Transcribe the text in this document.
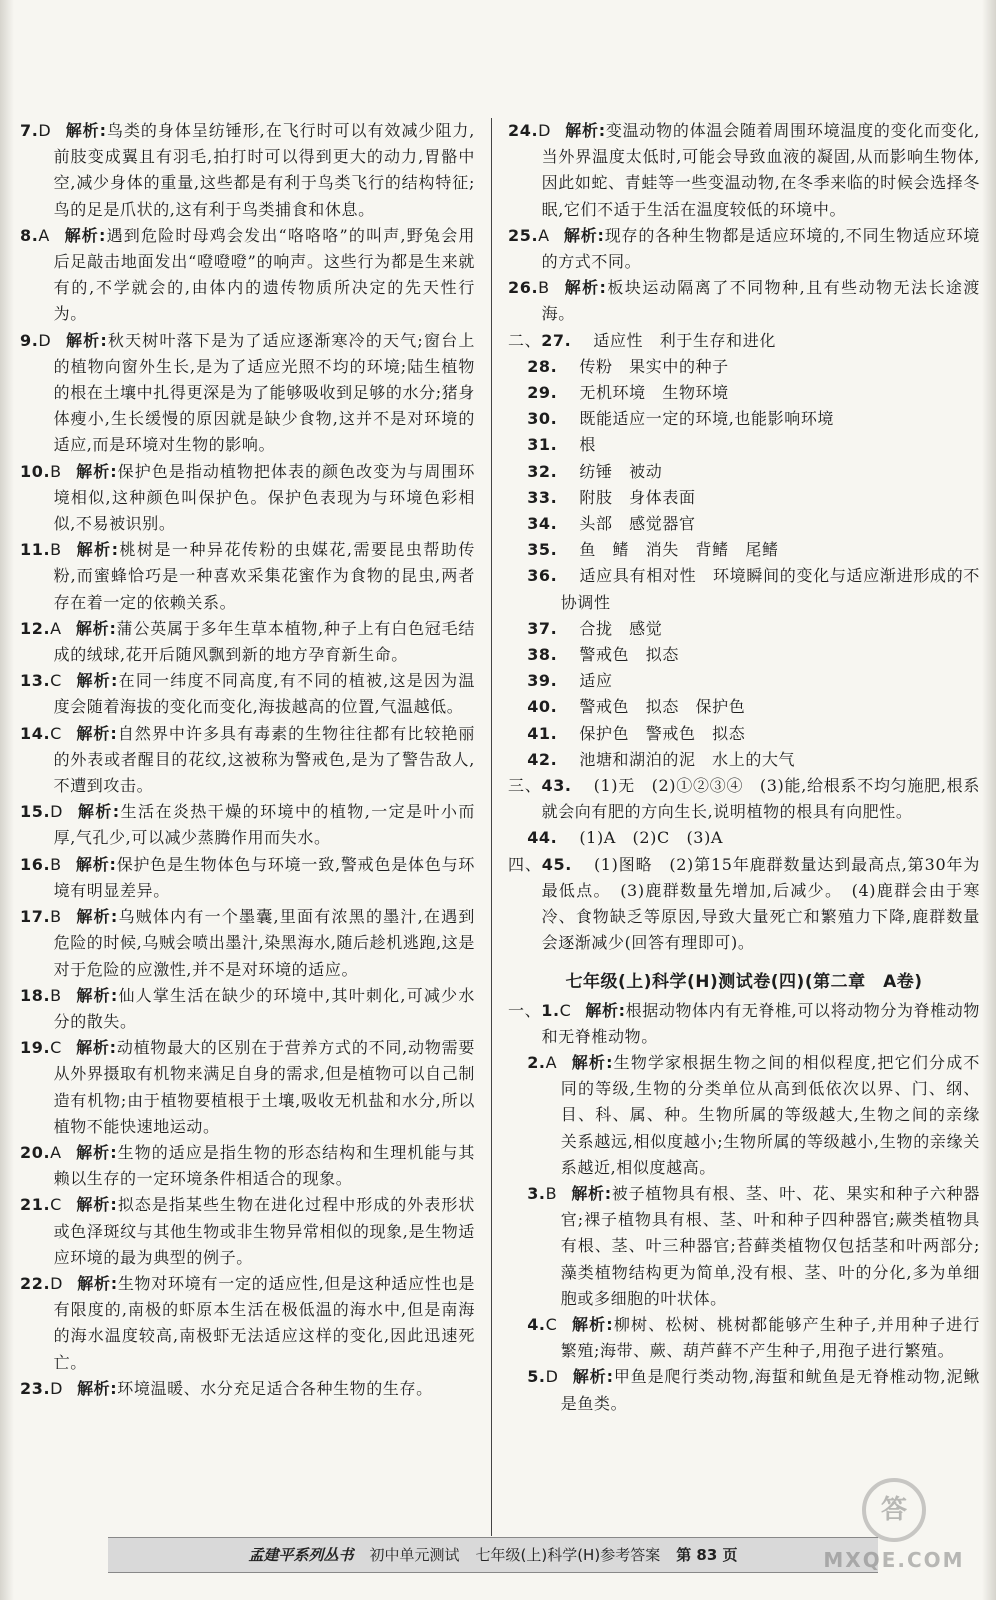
7.D 解析:鸟类的身体呈纺锤形,在飞行时可以有效减少阻力,前肢变成翼且有羽毛,拍打时可以得到更大的动力,胃骼中空,减少身体的重量,这些都是有利于鸟类飞行的结构特征;鸟的足是爪状的,这有利于鸟类捕食和休息。
8.A 解析:遇到危险时母鸡会发出“咯咯咯”的叫声,野兔会用后足敲击地面发出“噔噔噔”的响声。这些行为都是生来就有的,不学就会的,由体内的遗传物质所决定的先天性行为。
9.D 解析:秋天树叶落下是为了适应逐渐寒冷的天气;窗台上的植物向窗外生长,是为了适应光照不均的环境;陆生植物的根在土壤中扎得更深是为了能够吸收到足够的水分;猪身体瘦小,生长缓慢的原因就是缺少食物,这并不是对环境的适应,而是环境对生物的影响。
10.B 解析:保护色是指动植物把体表的颜色改变为与周围环境相似,这种颜色叫保护色。保护色表现为与环境色彩相似,不易被识别。
11.B 解析:桃树是一种异花传粉的虫媒花,需要昆虫帮助传粉,而蜜蜂恰巧是一种喜欢采集花蜜作为食物的昆虫,两者存在着一定的依赖关系。
12.A 解析:蒲公英属于多年生草本植物,种子上有白色冠毛结成的绒球,花开后随风飘到新的地方孕育新生命。
13.C 解析:在同一纬度不同高度,有不同的植被,这是因为温度会随着海拔的变化而变化,海拔越高的位置,气温越低。
14.C 解析:自然界中许多具有毒素的生物往往都有比较艳丽的外表或者醒目的花纹,这被称为警戒色,是为了警告敌人,不遭到攻击。
15.D 解析:生活在炎热干燥的环境中的植物,一定是叶小而厚,气孔少,可以减少蒸腾作用而失水。
16.B 解析:保护色是生物体色与环境一致,警戒色是体色与环境有明显差异。
17.B 解析:乌贼体内有一个墨囊,里面有浓黑的墨汁,在遇到危险的时候,乌贼会喷出墨汁,染黑海水,随后趁机逃跑,这是对于危险的应激性,并不是对环境的适应。
18.B 解析:仙人掌生活在缺少的环境中,其叶刺化,可减少水分的散失。
19.C 解析:动植物最大的区别在于营养方式的不同,动物需要从外界摄取有机物来满足自身的需求,但是植物可以自己制造有机物;由于植物要植根于土壤,吸收无机盐和水分,所以植物不能快速地运动。
20.A 解析:生物的适应是指生物的形态结构和生理机能与其赖以生存的一定环境条件相适合的现象。
21.C 解析:拟态是指某些生物在进化过程中形成的外表形状或色泽斑纹与其他生物或非生物异常相似的现象,是生物适应环境的最为典型的例子。
22.D 解析:生物对环境有一定的适应性,但是这种适应性也是有限度的,南极的虾原本生活在极低温的海水中,但是南海的海水温度较高,南极虾无法适应这样的变化,因此迅速死亡。
23.D 解析:环境温暖、水分充足适合各种生物的生存。
24.D 解析:变温动物的体温会随着周围环境温度的变化而变化,当外界温度太低时,可能会导致血液的凝固,从而影响生物体,因此如蛇、青蛙等一些变温动物,在冬季来临的时候会选择冬眠,它们不适于生活在温度较低的环境中。
25.A 解析:现存的各种生物都是适应环境的,不同生物适应环境的方式不同。
26.B 解析:板块运动隔离了不同物种,且有些动物无法长途渡海。
二、27. 适应性　利于生存和进化
28. 传粉　果实中的种子
29. 无机环境　生物环境
30. 既能适应一定的环境,也能影响环境
31. 根
32. 纺锤　被动
33. 附肢　身体表面
34. 头部　感觉器官
35. 鱼　鳍　消失　背鳍　尾鳍
36. 适应具有相对性　环境瞬间的变化与适应渐进形成的不协调性
37. 合拢　感觉
38. 警戒色　拟态
39. 适应
40. 警戒色　拟态　保护色
41. 保护色　警戒色　拟态
42. 池塘和湖泊的泥　水上的大气
三、43. (1)无　(2)①②③④　(3)能,给根系不均匀施肥,根系就会向有肥的方向生长,说明植物的根具有向肥性。
44. (1)A　(2)C　(3)A
四、45. (1)图略　(2)第15年鹿群数量达到最高点,第30年为最低点。　(3)鹿群数量先增加,后减少。　(4)鹿群会由于寒冷、食物缺乏等原因,导致大量死亡和繁殖力下降,鹿群数量会逐渐减少(回答有理即可)。
七年级(上)科学(H)测试卷(四)(第二章　A卷)
一、1.C 解析:根据动物体内有无脊椎,可以将动物分为脊椎动物和无脊椎动物。
2.A 解析:生物学家根据生物之间的相似程度,把它们分成不同的等级,生物的分类单位从高到低依次以界、门、纲、目、科、属、种。生物所属的等级越大,生物之间的亲缘关系越远,相似度越小;生物所属的等级越小,生物的亲缘关系越近,相似度越高。
3.B 解析:被子植物具有根、茎、叶、花、果实和种子六种器官;裸子植物具有根、茎、叶和种子四种器官;蕨类植物具有根、茎、叶三种器官;苔藓类植物仅包括茎和叶两部分;藻类植物结构更为简单,没有根、茎、叶的分化,多为单细胞或多细胞的叶状体。
4.C 解析:柳树、松树、桃树都能够产生种子,并用种子进行繁殖;海带、蕨、葫芦藓不产生种子,用孢子进行繁殖。
5.D 解析:甲鱼是爬行类动物,海蜇和鱿鱼是无脊椎动物,泥鳅是鱼类。
孟建平系列丛书 初中单元测试 七年级(上)科学(H)参考答案 第 83 页
答
MXQE.COM
